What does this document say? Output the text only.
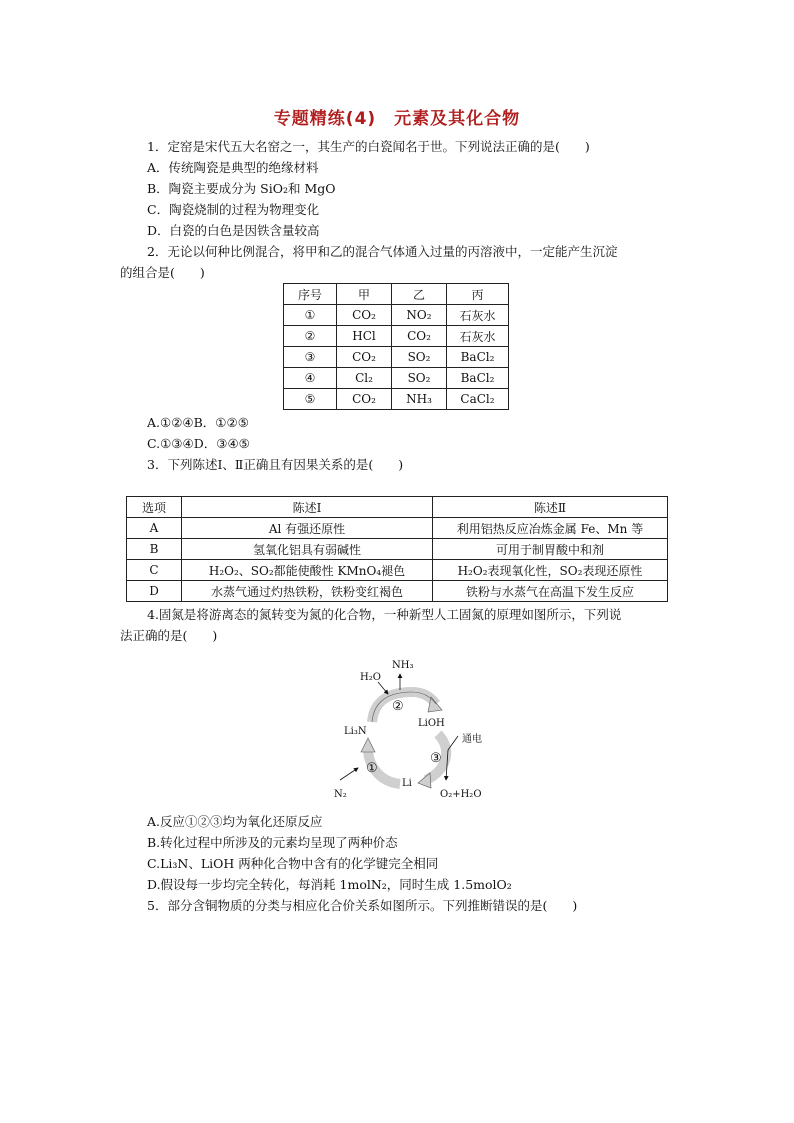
专题精练(4)　元素及其化合物
1．定窑是宋代五大名窑之一，其生产的白瓷闻名于世。下列说法正确的是(　　)
A．传统陶瓷是典型的绝缘材料
B．陶瓷主要成分为 SiO₂和 MgO
C．陶瓷烧制的过程为物理变化
D．白瓷的白色是因铁含量较高
2．无论以何种比例混合，将甲和乙的混合气体通入过量的丙溶液中，一定能产生沉淀
的组合是(　　)
序号	甲	乙	丙
①	CO₂	NO₂	石灰水
②	HCl	CO₂	石灰水
③	CO₂	SO₂	BaCl₂
④	Cl₂	SO₂	BaCl₂
⑤	CO₂	NH₃	CaCl₂
A.①②④B．①②⑤
C.①③④D．③④⑤
3．下列陈述Ⅰ、Ⅱ正确且有因果关系的是(　　)
选项	陈述Ⅰ	陈述Ⅱ
A	Al 有强还原性	利用铝热反应冶炼金属 Fe、Mn 等
B	氢氧化铝具有弱碱性	可用于制胃酸中和剂
C	H₂O₂、SO₂都能使酸性 KMnO₄褪色	H₂O₂表现氧化性，SO₂表现还原性
D	水蒸气通过灼热铁粉，铁粉变红褐色	铁粉与水蒸气在高温下发生反应
4.固氮是将游离态的氮转变为氮的化合物，一种新型人工固氮的原理如图所示，下列说
法正确的是(　　)
NH₃
H₂O
②
LiOH
Li₃N
通电
③
①
Li
N₂	O₂+H₂O
A.反应①②③均为氧化还原反应
B.转化过程中所涉及的元素均呈现了两种价态
C.Li₃N、LiOH 两种化合物中含有的化学键完全相同
D.假设每一步均完全转化，每消耗 1molN₂，同时生成 1.5molO₂
5．部分含铜物质的分类与相应化合价关系如图所示。下列推断错误的是(　　)
